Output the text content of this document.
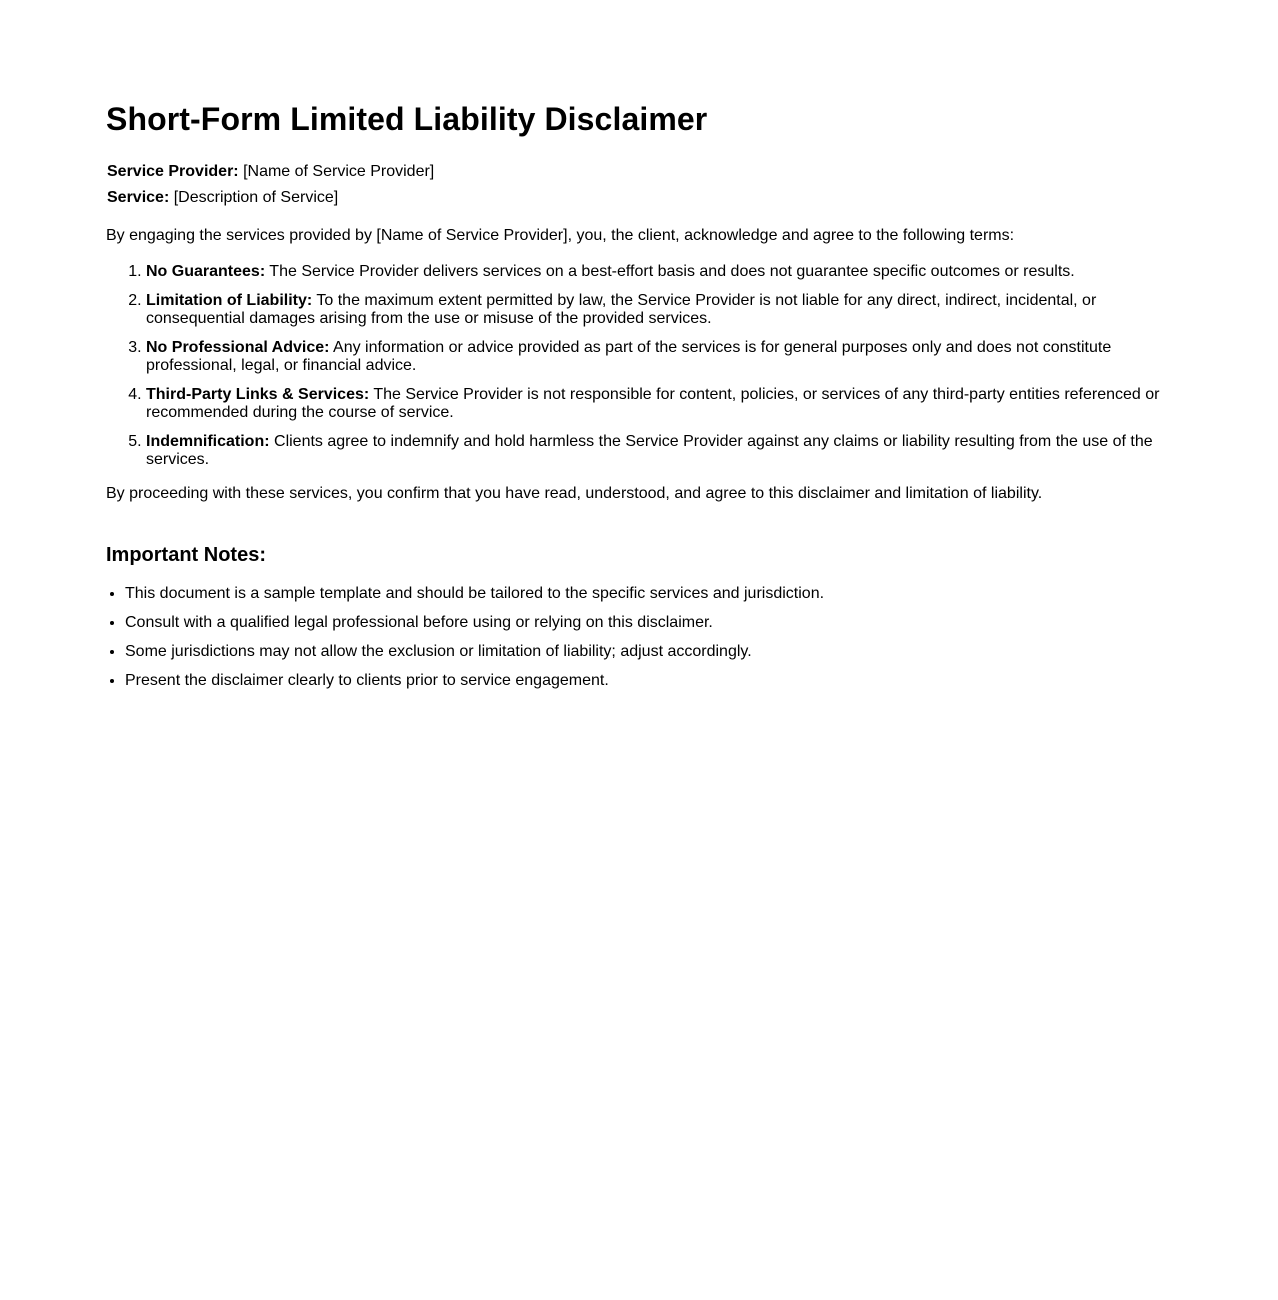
Short-Form Limited Liability Disclaimer
Service Provider: [Name of Service Provider]
Service: [Description of Service]

By engaging the services provided by [Name of Service Provider], you, the client, acknowledge and agree to the following terms:

1. No Guarantees: The Service Provider delivers services on a best-effort basis and does not guarantee specific outcomes or results.
2. Limitation of Liability: To the maximum extent permitted by law, the Service Provider is not liable for any direct, indirect, incidental, or consequential damages arising from the use or misuse of the provided services.
3. No Professional Advice: Any information or advice provided as part of the services is for general purposes only and does not constitute professional, legal, or financial advice.
4. Third-Party Links & Services: The Service Provider is not responsible for content, policies, or services of any third-party entities referenced or recommended during the course of service.
5. Indemnification: Clients agree to indemnify and hold harmless the Service Provider against any claims or liability resulting from the use of the services.

By proceeding with these services, you confirm that you have read, understood, and agree to this disclaimer and limitation of liability.

Important Notes:
• This document is a sample template and should be tailored to the specific services and jurisdiction.
• Consult with a qualified legal professional before using or relying on this disclaimer.
• Some jurisdictions may not allow the exclusion or limitation of liability; adjust accordingly.
• Present the disclaimer clearly to clients prior to service engagement.
